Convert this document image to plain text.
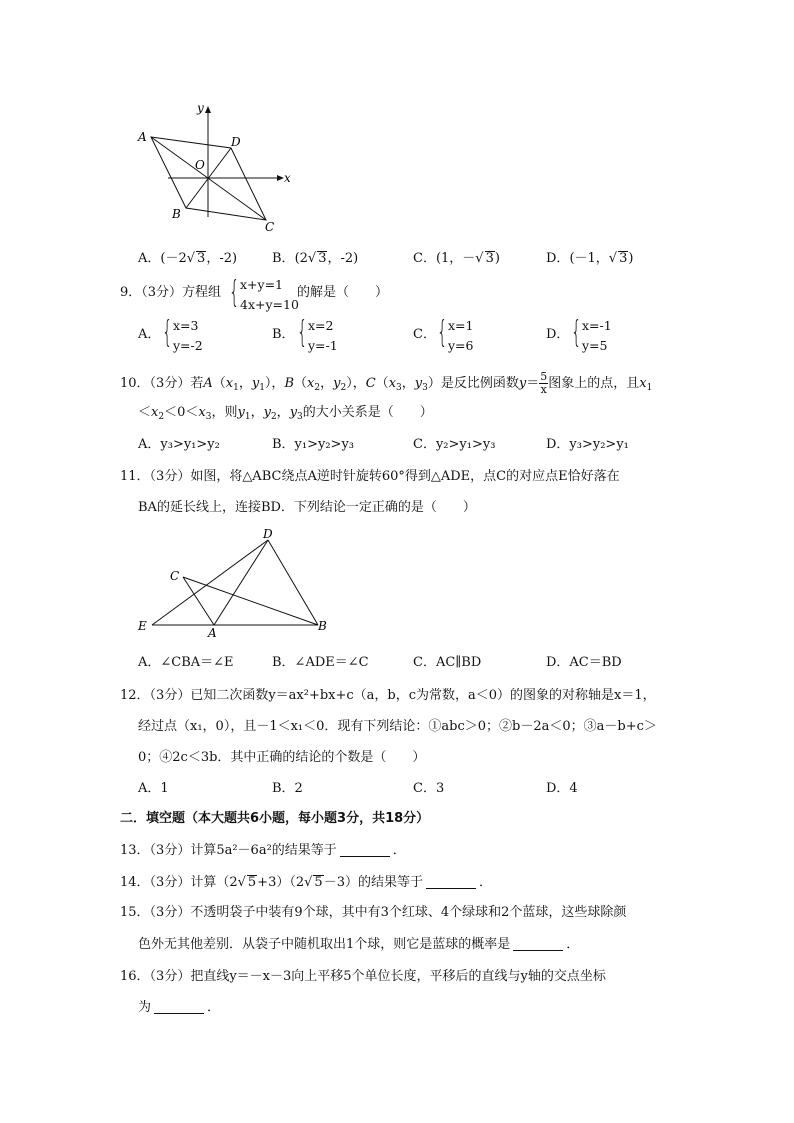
y
x
A	D
O
B
C
A．(－2√ 3，-2)	B．(2√ 3，-2)	C．(1，－√ 3)	D．(－1，√ 3)
9．（3分）方程组 { x+y=1
4x+y=10
的解是（　　）
A． { x=3
y=-2
B． { x=2
y=-1
C． { x=1
y=6
D． { x=-1
y=5
10．（3分）若$A(x_1$，$y_1$），$B(x_2$，$y_2$），$C(x_3$，$y_3$）是反比例函数$y= \frac{5}{x}$ 图象上的点，且$x_1$
$<x_2<0<x_3$，则$y_1$，$y_2$，$y_3$的大小关系是（　　）
A．y₃>y₁>y₂	B．y₁>y₂>y₃	C．y₂>y₁>y₃	D．y₃>y₂>y₁
11．（3分）如图，将△ABC绕点A逆时针旋转60°得到△ADE，点C的对应点E恰好落在
BA的延长线上，连接BD．下列结论一定正确的是（　　）
D
C
E	A	B
A．∠CBA＝∠E	B．∠ADE＝∠C	C．AC∥BD	D．AC＝BD
12．（3分）已知二次函数y＝ax²+bx+c（a，b，c为常数，a＜0）的图象的对称轴是x＝1，
经过点（x₁，0），且－1＜x₁＜0．现有下列结论：①abc＞0；②b－2a＜0；③a－b+c＞
0；④2c＜3b．其中正确的结论的个数是（　　）
A．1	B．2	C．3	D．4
二．填空题（本大题共6小题，每小题3分，共18分）
13．（3分）计算5a²－6a²的结果等于	．
14．（3分）计算（2√ 5+3）（2√ 5－3）的结果等于	．
15．（3分）不透明袋子中装有9个球，其中有3个红球、4个绿球和2个蓝球，这些球除颜
色外无其他差别．从袋子中随机取出1个球，则它是蓝球的概率是	．
16．（3分）把直线y＝－x－3向上平移5个单位长度，平移后的直线与y轴的交点坐标
为	．
